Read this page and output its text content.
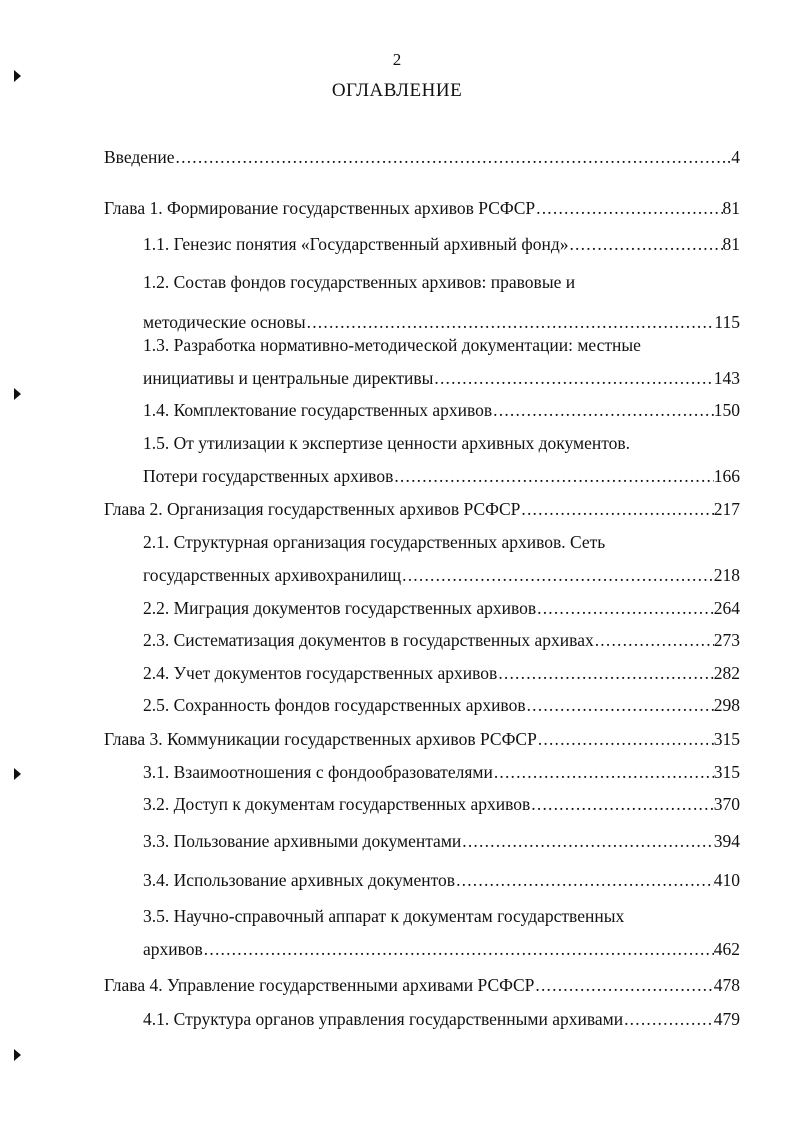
2
ОГЛАВЛЕНИЕ
Введение .....	.4
Глава 1. Формирование государственных архивов РСФСР .....	81
1.1. Генезис понятия «Государственный архивный фонд» .....	81
1.2. Состав фондов государственных архивов: правовые и
методические основы .....	115
1.3. Разработка нормативно-методической документации: местные
инициативы и центральные директивы .....	143
1.4. Комплектование государственных архивов .....	150
1.5. От утилизации к экспертизе ценности архивных документов.
Потери государственных архивов .....	166
Глава 2. Организация государственных архивов РСФСР .....	217
2.1. Структурная организация государственных архивов. Сеть
государственных архивохранилищ .....	218
2.2. Миграция документов государственных архивов .....	264
2.3. Систематизация документов в государственных архивах .....	273
2.4. Учет документов государственных архивов .....	282
2.5. Сохранность фондов государственных архивов .....	298
Глава 3. Коммуникации государственных архивов РСФСР .....	315
3.1. Взаимоотношения с фондообразователями .....	315
3.2. Доступ к документам государственных архивов .....	370
3.3. Пользование архивными документами .....	394
3.4. Использование архивных документов .....	410
3.5. Научно-справочный аппарат к документам государственных
архивов .....	462
Глава 4. Управление государственными архивами РСФСР .....	478
4.1. Структура органов управления государственными архивами .....	479
